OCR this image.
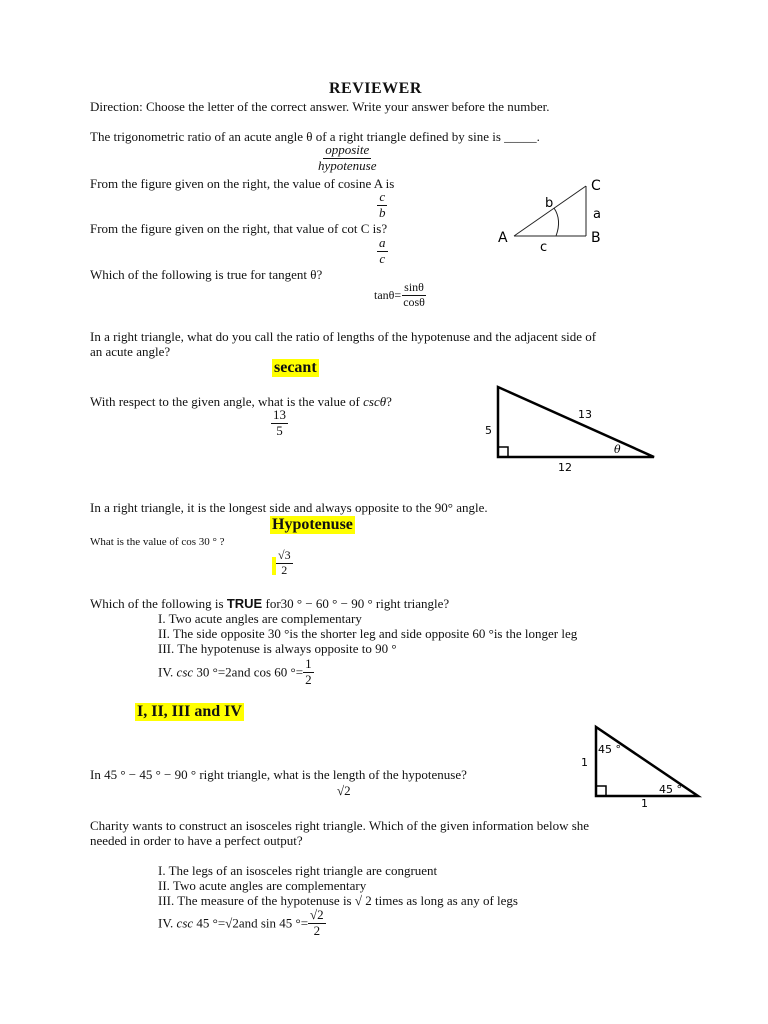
REVIEWER
Direction: Choose the letter of the correct answer. Write your answer before the number.
The trigonometric ratio of an acute angle θ of a right triangle defined by sine is _____.
opposite
hypotenuse
From the figure given on the right, the value of cosine A is
$\frac{c}{b}$
From the figure given on the right, that value of cot C is?
$\frac{a}{c}$	A	B
C
a
b
c
Which of the following is true for tangent θ?
$\tan\theta= \frac{\sin\theta}{\cos\theta}$
In a right triangle, what do you call the ratio of lengths of the hypotenuse and the adjacent side of
an acute angle?
secant
With respect to the given angle, what is the value of cscθ?
$\frac{13}{5}$	5
13
12
θ
In a right triangle, it is the longest side and always opposite to the 90° angle.
Hypotenuse
What is the value of cos 30 ° ?
$\frac{√3}{2}$
Which of the following is TRUE for30 ° − 60 ° − 90 ° right triangle?
I. Two acute angles are complementary
II. The side opposite 30 °is the shorter leg and side opposite 60 °is the longer leg
III. The hypotenuse is always opposite to 90 °
IV. csc 30 °=2and cos 60 °= $\frac{1}{2}$
I, II, III and IV
45 °
45 °
1
1
In 45 ° − 45 ° − 90 ° right triangle, what is the length of the hypotenuse?
√2
Charity wants to construct an isosceles right triangle. Which of the given information below she
needed in order to have a perfect output?
I. The legs of an isosceles right triangle are congruent
II. Two acute angles are complementary
III. The measure of the hypotenuse is √ 2 times as long as any of legs
IV. csc 45 °=√2and sin 45 °= $\frac{√2}{2}$
